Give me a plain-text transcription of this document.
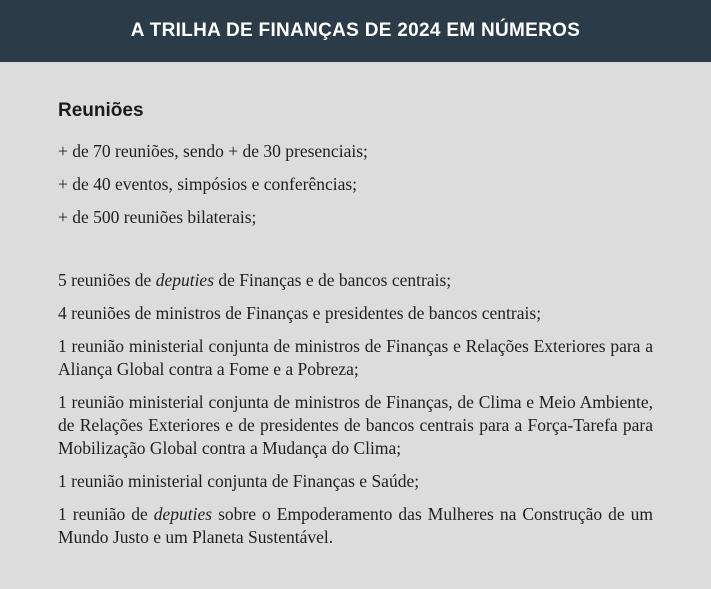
A TRILHA DE FINANÇAS DE 2024 EM NÚMEROS
Reuniões

+ de 70 reuniões, sendo + de 30 presenciais;

+ de 40 eventos, simpósios e conferências;

+ de 500 reuniões bilaterais;

5 reuniões de deputies de Finanças e de bancos centrais;

4 reuniões de ministros de Finanças e presidentes de bancos centrais;

1 reunião ministerial conjunta de ministros de Finanças e Relações Exteriores para a Aliança Global contra a Fome e a Pobreza;

1 reunião ministerial conjunta de ministros de Finanças, de Clima e Meio Ambiente, de Relações Exteriores e de presidentes de bancos centrais para a Força-Tarefa para Mobilização Global contra a Mudança do Clima;

1 reunião ministerial conjunta de Finanças e Saúde;

1 reunião de deputies sobre o Empoderamento das Mulheres na Construção de um Mundo Justo e um Planeta Sustentável.
